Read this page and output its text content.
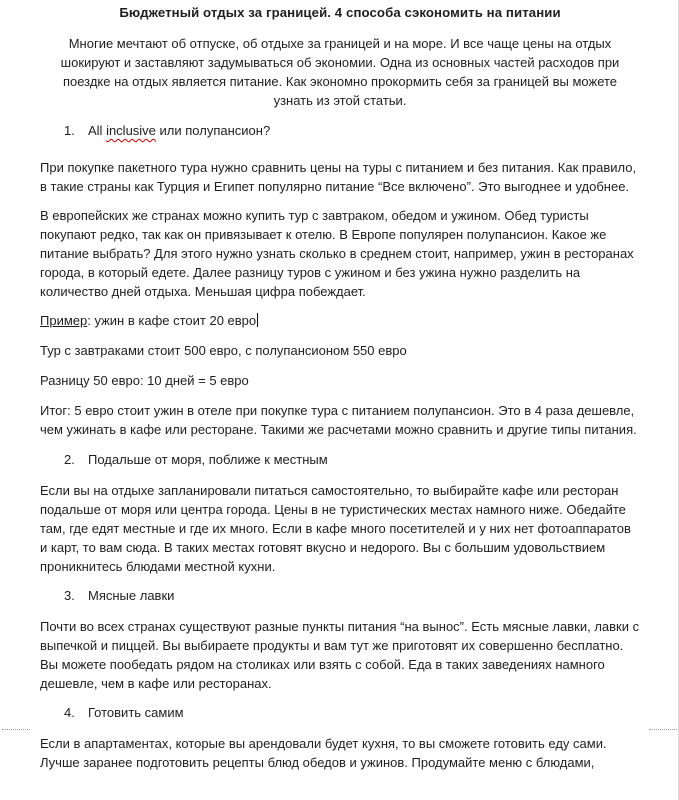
Бюджетный отдых за границей. 4 способа сэкономить на питании

Многие мечтают об отпуске, об отдыхе за границей и на море. И все чаще цены на отдых шокируют и заставляют задумываться об экономии. Одна из основных частей расходов при поездке на отдых является питание. Как экономно прокормить себя за границей вы можете узнать из этой статьи.

1. All inclusive или полупансион?

При покупке пакетного тура нужно сравнить цены на туры с питанием и без питания. Как правило, в такие страны как Турция и Египет популярно питание “Все включено”. Это выгоднее и удобнее.

В европейских же странах можно купить тур с завтраком, обедом и ужином. Обед туристы покупают редко, так как он привязывает к отелю. В Европе популярен полупансион. Какое же питание выбрать? Для этого нужно узнать сколько в среднем стоит, например, ужин в ресторанах города, в который едете. Далее разницу туров с ужином и без ужина нужно разделить на количество дней отдыха. Меньшая цифра побеждает.

Пример: ужин в кафе стоит 20 евро

Тур с завтраками стоит 500 евро, с полупансионом 550 евро

Разницу 50 евро: 10 дней = 5 евро

Итог: 5 евро стоит ужин в отеле при покупке тура с питанием полупансион. Это в 4 раза дешевле, чем ужинать в кафе или ресторане. Такими же расчетами можно сравнить и другие типы питания.

2. Подальше от моря, поближе к местным

Если вы на отдыхе запланировали питаться самостоятельно, то выбирайте кафе или ресторан подальше от моря или центра города. Цены в не туристических местах намного ниже. Обедайте там, где едят местные и где их много. Если в кафе много посетителей и у них нет фотоаппаратов и карт, то вам сюда. В таких местах готовят вкусно и недорого. Вы с большим удовольствием проникнитесь блюдами местной кухни.

3. Мясные лавки

Почти во всех странах существуют разные пункты питания “на вынос”. Есть мясные лавки, лавки с выпечкой и пиццей. Вы выбираете продукты и вам тут же приготовят их совершенно бесплатно. Вы можете пообедать рядом на столиках или взять с собой. Еда в таких заведениях намного дешевле, чем в кафе или ресторанах.

4. Готовить самим

Если в апартаментах, которые вы арендовали будет кухня, то вы сможете готовить еду сами. Лучше заранее подготовить рецепты блюд обедов и ужинов. Продумайте меню с блюдами,
